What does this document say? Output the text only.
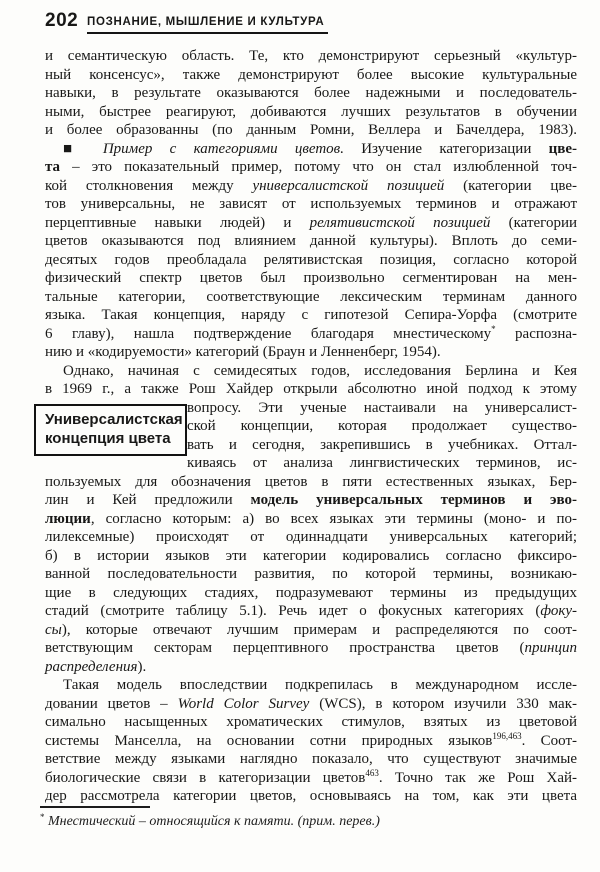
202 ПОЗНАНИЕ, МЫШЛЕНИЕ И КУЛЬТУРА
Универсалистская
концепция цвета
и семантическую область. Те, кто демонстрируют серьезный «культур-
ный консенсус», также демонстрируют более высокие культуральные
навыки, в результате оказываются более надежными и последователь-
ными, быстрее реагируют, добиваются лучших результатов в обучении
и более образованны (по данным Ромни, Веллера и Бачелдера, 1983).
■ Пример с категориями цветов. Изучение категоризации цве-
та – это показательный пример, потому что он стал излюбленной точ-
кой столкновения между универсалистской позицией (категории цве-
тов универсальны, не зависят от используемых терминов и отражают
перцептивные навыки людей) и релятивистской позицией (категории
цветов оказываются под влиянием данной культуры). Вплоть до семи-
десятых годов преобладала релятивистская позиция, согласно которой
физический спектр цветов был произвольно сегментирован на мен-
тальные категории, соответствующие лексическим терминам данного
языка. Такая концепция, наряду с гипотезой Сепира-Уорфа (смотрите
6 главу), нашла подтверждение благодаря мнестическому* распозна-
нию и «кодируемости» категорий (Браун и Ленненберг, 1954).
Однако, начиная с семидесятых годов, исследования Берлина и Кея
в 1969 г., а также Рош Хайдер открыли абсолютно иной подход к этому
вопросу. Эти ученые настаивали на универсалист-
ской концепции, которая продолжает существо-
вать и сегодня, закрепившись в учебниках. Оттал-
киваясь от анализа лингвистических терминов, ис-
пользуемых для обозначения цветов в пяти естественных языках, Бер-
лин и Кей предложили модель универсальных терминов и эво-
люции, согласно которым: а) во всех языках эти термины (моно- и по-
лилексемные) происходят от одиннадцати универсальных категорий;
б) в истории языков эти категории кодировались согласно фиксиро-
ванной последовательности развития, по которой термины, возникаю-
щие в следующих стадиях, подразумевают термины из предыдущих
стадий (смотрите таблицу 5.1). Речь идет о фокусных категориях (фоку-
сы), которые отвечают лучшим примерам и распределяются по соот-
ветствующим секторам перцептивного пространства цветов (принцип
распределения).
Такая модель впоследствии подкрепилась в международном иссле-
довании цветов – World Color Survey (WCS), в котором изучили 330 мак-
симально насыщенных хроматических стимулов, взятых из цветовой
системы Манселла, на основании сотни природных языков$^{196,463}$. Соот-
ветствие между языками наглядно показало, что существуют значимые
биологические связи в категоризации цветов$^{463}$. Точно так же Рош Хай-
дер рассмотрела категории цветов, основываясь на том, как эти цвета
* Мнестический – относящийся к памяти. (прим. перев.)
